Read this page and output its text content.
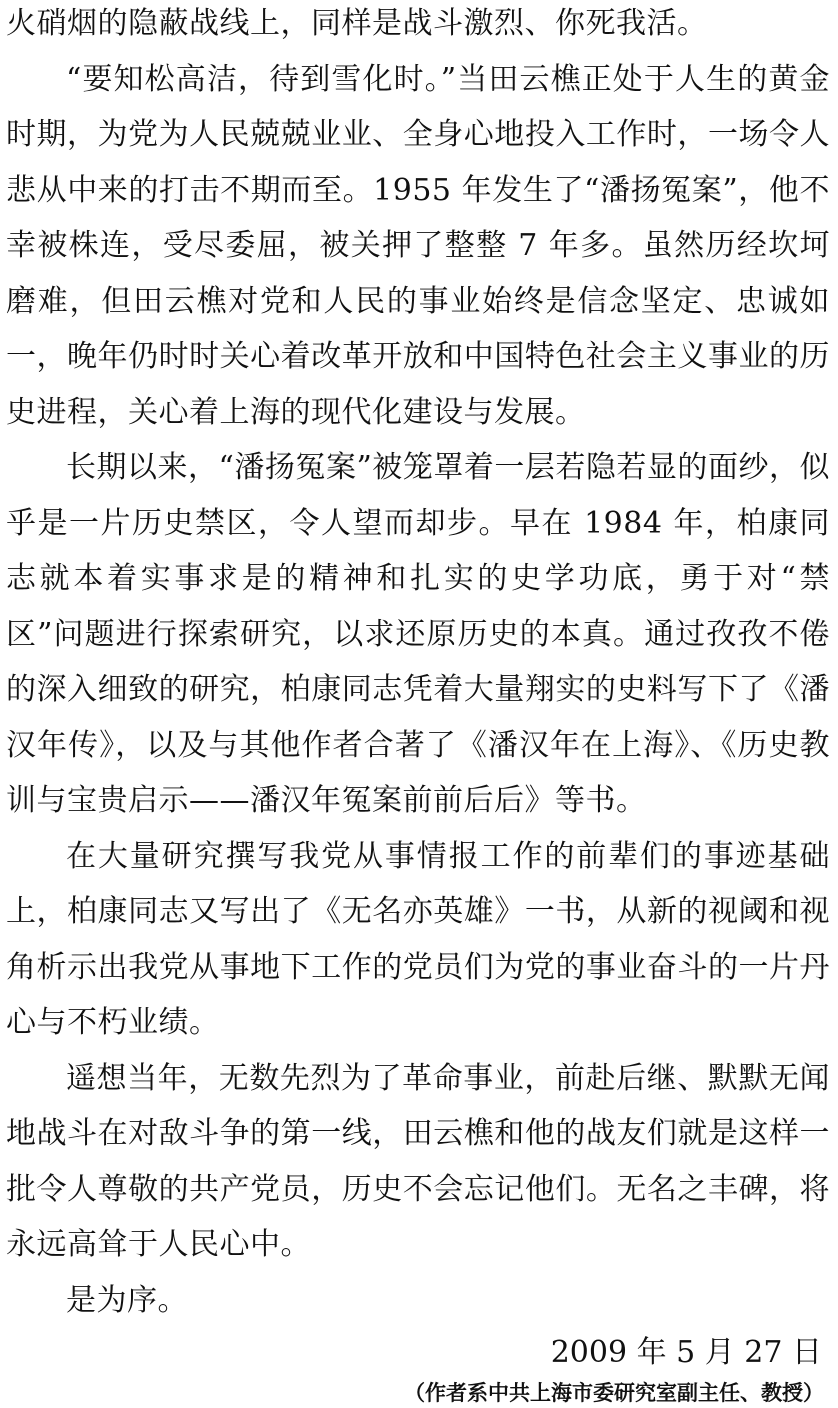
火硝烟的隐蔽战线上，同样是战斗激烈、你死我活。

“要知松高洁，待到雪化时。”当田云樵正处于人生的黄金时期，为党为人民兢兢业业、全身心地投入工作时，一场令人悲从中来的打击不期而至。1955 年发生了“潘扬冤案”，他不幸被株连，受尽委屈，被关押了整整 7 年多。虽然历经坎坷磨难，但田云樵对党和人民的事业始终是信念坚定、忠诚如一，晚年仍时时关心着改革开放和中国特色社会主义事业的历史进程，关心着上海的现代化建设与发展。

长期以来，“潘扬冤案”被笼罩着一层若隐若显的面纱，似乎是一片历史禁区，令人望而却步。早在 1984 年，柏康同志就本着实事求是的精神和扎实的史学功底，勇于对“禁区”问题进行探索研究，以求还原历史的本真。通过孜孜不倦的深入细致的研究，柏康同志凭着大量翔实的史料写下了《潘汉年传》，以及与其他作者合著了《潘汉年在上海》、《历史教训与宝贵启示——潘汉年冤案前前后后》等书。

在大量研究撰写我党从事情报工作的前辈们的事迹基础上，柏康同志又写出了《无名亦英雄》一书，从新的视阈和视角析示出我党从事地下工作的党员们为党的事业奋斗的一片丹心与不朽业绩。

遥想当年，无数先烈为了革命事业，前赴后继、默默无闻地战斗在对敌斗争的第一线，田云樵和他的战友们就是这样一批令人尊敬的共产党员，历史不会忘记他们。无名之丰碑，将永远高耸于人民心中。

是为序。

2009 年 5 月 27 日

（作者系中共上海市委研究室副主任、教授）
